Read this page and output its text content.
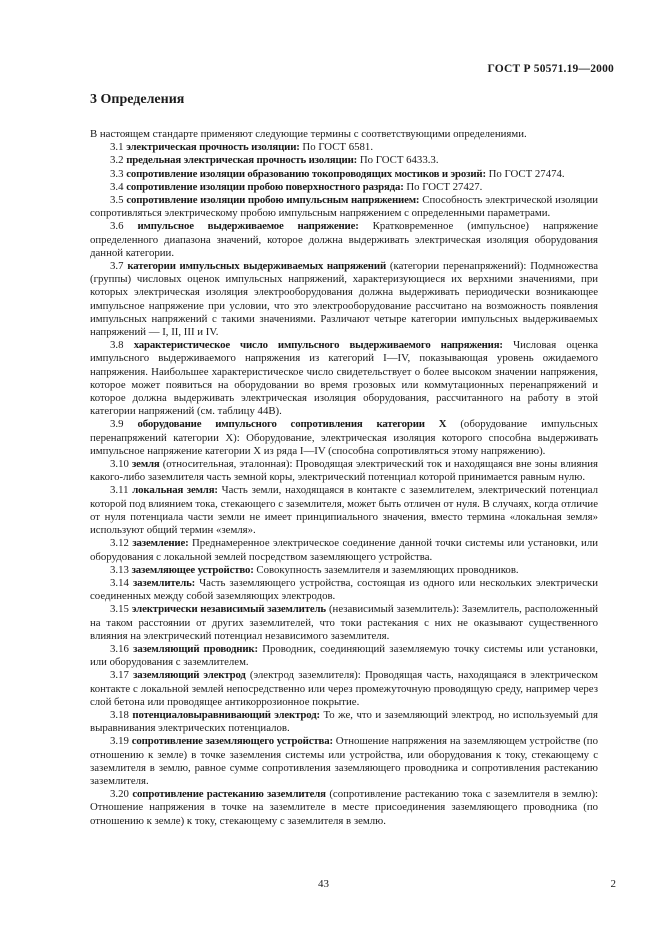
ГОСТ Р 50571.19—2000
3 Определения

В настоящем стандарте применяют следующие термины с соответствующими определениями.

3.1 электрическая прочность изоляции: По ГОСТ 6581.

3.2 предельная электрическая прочность изоляции: По ГОСТ 6433.3.

3.3 сопротивление изоляции образованию токопроводящих мостиков и эрозий: По ГОСТ 27474.

3.4 сопротивление изоляции пробою поверхностного разряда: По ГОСТ 27427.

3.5 сопротивление изоляции пробою импульсным напряжением: Способность электрической изоляции сопротивляться электрическому пробою импульсным напряжением с определенными параметрами.

3.6 импульсное выдерживаемое напряжение: Кратковременное (импульсное) напряжение определенного диапазона значений, которое должна выдерживать электрическая изоляция оборудования данной категории.

3.7 категории импульсных выдерживаемых напряжений (категории перенапряжений): Подмножества (группы) числовых оценок импульсных напряжений, характеризующиеся их верхними значениями, при которых электрическая изоляция электрооборудования должна выдерживать периодически возникающее импульсное напряжение при условии, что это электрооборудование рассчитано на возможность появления импульсных напряжений с такими значениями. Различают четыре категории импульсных выдерживаемых напряжений — I, II, III и IV.

3.8 характеристическое число импульсного выдерживаемого напряжения: Числовая оценка импульсного выдерживаемого напряжения из категорий I—IV, показывающая уровень ожидаемого напряжения. Наибольшее характеристическое число свидетельствует о более высоком значении напряжения, которое может появиться на оборудовании во время грозовых или коммутационных перенапряжений и которое должна выдерживать электрическая изоляция оборудования, рассчитанного на работу в этой категории напряжений (см. таблицу 44В).

3.9 оборудование импульсного сопротивления категории X (оборудование импульсных перенапряжений категории X): Оборудование, электрическая изоляция которого способна выдерживать импульсное напряжение категории X из ряда I—IV (способна сопротивляться этому напряжению).

3.10 земля (относительная, эталонная): Проводящая электрический ток и находящаяся вне зоны влияния какого-либо заземлителя часть земной коры, электрический потенциал которой принимается равным нулю.

3.11 локальная земля: Часть земли, находящаяся в контакте с заземлителем, электрический потенциал которой под влиянием тока, стекающего с заземлителя, может быть отличен от нуля. В случаях, когда отличие от нуля потенциала части земли не имеет принципиального значения, вместо термина «локальная земля» используют общий термин «земля».

3.12 заземление: Преднамеренное электрическое соединение данной точки системы или установки, или оборудования с локальной землей посредством заземляющего устройства.

3.13 заземляющее устройство: Совокупность заземлителя и заземляющих проводников.

3.14 заземлитель: Часть заземляющего устройства, состоящая из одного или нескольких электрически соединенных между собой заземляющих электродов.

3.15 электрически независимый заземлитель (независимый заземлитель): Заземлитель, расположенный на таком расстоянии от других заземлителей, что токи растекания с них не оказывают существенного влияния на электрический потенциал независимого заземлителя.

3.16 заземляющий проводник: Проводник, соединяющий заземляемую точку системы или установки, или оборудования с заземлителем.

3.17 заземляющий электрод (электрод заземлителя): Проводящая часть, находящаяся в электрическом контакте с локальной землей непосредственно или через промежуточную проводящую среду, например через слой бетона или проводящее антикоррозионное покрытие.

3.18 потенциаловыравнивающий электрод: То же, что и заземляющий электрод, но используемый для выравнивания электрических потенциалов.

3.19 сопротивление заземляющего устройства: Отношение напряжения на заземляющем устройстве (по отношению к земле) в точке заземления системы или устройства, или оборудования к току, стекающему с заземлителя в землю, равное сумме сопротивления заземляющего проводника и сопротивления растеканию заземлителя.

3.20 сопротивление растеканию заземлителя (сопротивление растеканию тока с заземлителя в землю): Отношение напряжения в точке на заземлителе в месте присоединения заземляющего проводника (по отношению к земле) к току, стекающему с заземлителя в землю.

43	2
